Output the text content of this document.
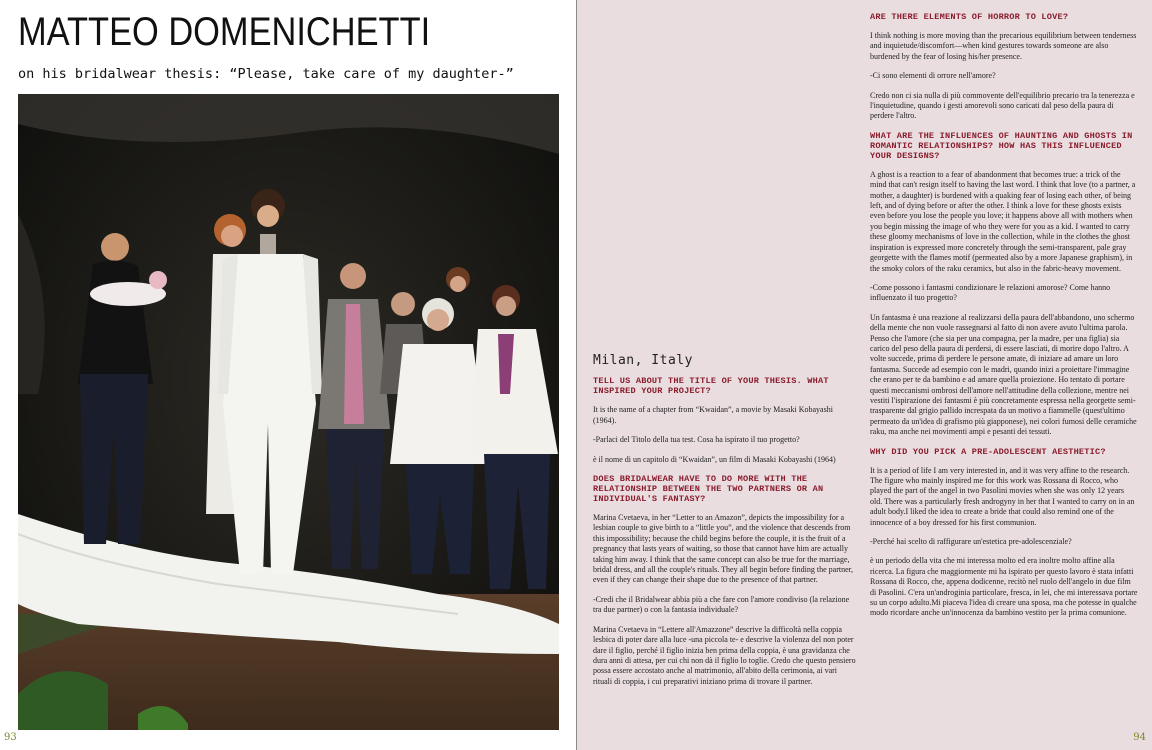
MATTEO DOMENICHETTI
on his bridalwear thesis: “Please, take care of my daughter-”
93	94
Milan, Italy
TELL US ABOUT THE TITLE OF YOUR THESIS. WHAT INSPIRED YOUR PROJECT?

It is the name of a chapter from “Kwaidan”, a movie by Masaki Kobayashi (1964).

-Parlaci del Titolo della tua test. Cosa ha ispirato il tuo progetto?

è il nome di un capitolo di “Kwaidan”, un film di Masaki Kobayashi (1964)

DOES BRIDALWEAR HAVE TO DO MORE WITH THE RELATIONSHIP BETWEEN THE TWO PARTNERS OR AN INDIVIDUAL'S FANTASY?

Marina Cvetaeva, in her “Letter to an Amazon”, depicts the impossibility for a lesbian couple to give birth to a “little you”, and the violence that descends from this impossibility; because the child begins before the couple, it is the fruit of a pregnancy that lasts years of waiting, so those that cannot have him are actually taking him away. I think that the same concept can also be true for the marriage, bridal dress, and all the couple's rituals. They all begin before finding the partner, even if they can change their shape due to the presence of that partner.

-Credi che il Bridalwear abbia più a che fare con l'amore condiviso (la relazione tra due partner) o con la fantasia individuale?

Marina Cvetaeva in “Lettere all'Amazzone” descrive la difficoltà nella coppia lesbica di poter dare alla luce -una piccola te- e descrive la violenza del non poter dare il figlio, perché il figlio inizia ben prima della coppia, è una gravidanza che dura anni di attesa, per cui chi non dà il figlio lo toglie. Credo che questo pensiero possa essere accostato anche al matrimonio, all'abito della cerimonia, ai vari rituali di coppia, i cui preparativi iniziano prima di trovare il partner.

ARE THERE ELEMENTS OF HORROR TO LOVE?

I think nothing is more moving than the precarious equilibrium between tenderness and inquietude/discomfort—when kind gestures towards someone are also burdened by the fear of losing his/her presence.

-Ci sono elementi di orrore nell'amore?

Credo non ci sia nulla di più commovente dell'equilibrio precario tra la tenerezza e l'inquietudine, quando i gesti amorevoli sono caricati dal peso della paura di perdere l'altro.

WHAT ARE THE INFLUENCES OF HAUNTING AND GHOSTS IN ROMANTIC RELATIONSHIPS? HOW HAS THIS INFLUENCED YOUR DESIGNS?

A ghost is a reaction to a fear of abandonment that becomes true: a trick of the mind that can't resign itself to having the last word. I think that love (to a partner, a mother, a daughter) is burdened with a quaking fear of losing each other, of being left, and of dying before or after the other. I think a love for these ghosts exists even before you lose the people you love; it happens above all with mothers when you begin missing the image of who they were for you as a kid. I wanted to carry these gloomy mechanisms of love in the collection, while in the clothes the ghost inspiration is expressed more concretely through the semi-transparent, pale gray georgette with the flames motif (permeated also by a more Japanese graphism), in the smoky colors of the raku ceramics, but also in the fabric-heavy movement.

-Come possono i fantasmi condizionare le relazioni amorose? Come hanno influenzato il tuo progetto?

Un fantasma è una reazione al realizzarsi della paura dell'abbandono, uno schermo della mente che non vuole rassegnarsi al fatto di non avere avuto l'ultima parola. Penso che l'amore (che sia per una compagna, per la madre, per una figlia) sia carico del peso della paura di perdersi, di essere lasciati, di morire dopo l'altro. A volte succede, prima di perdere le persone amate, di iniziare ad amare un loro fantasma. Succede ad esempio con le madri, quando inizi a proiettare l'immagine che erano per te da bambino e ad amare quella proiezione. Ho tentato di portare questi meccanismi ombrosi dell'amore nell'attitudine della collezione, mentre nei vestiti l'ispirazione dei fantasmi è più concretamente espressa nella georgette semi-trasparente dal grigio pallido increspata da un motivo a fiammelle (quest'ultimo permeato da un'idea di grafismo più giapponese), nei colori fumosi delle ceramiche raku, ma anche nei movimenti ampi e pesanti dei tessuti.

WHY DID YOU PICK A PRE-ADOLESCENT AESTHETIC?

It is a period of life I am very interested in, and it was very affine to the research. The figure who mainly inspired me for this work was Rossana di Rocco, who played the part of the angel in two Pasolini movies when she was only 12 years old. There was a particularly fresh androgyny in her that I wanted to carry on in an adult body.I liked the idea to create a bride that could also remind one of the innocence of a boy dressed for his first communion.

-Perché hai scelto di raffigurare un'estetica pre-adolescenziale?

è un periodo della vita che mi interessa molto ed era inoltre molto affine alla ricerca. La figura che maggiormente mi ha ispirato per questo lavoro è stata infatti Rossana di Rocco, che, appena dodicenne, recitò nel ruolo dell'angelo in due film di Pasolini. C'era un'androginia particolare, fresca, in lei, che mi interessava portare su un corpo adulto.Mi piaceva l'idea di creare una sposa, ma che potesse in qualche modo ricordare anche un'innocenza da bambino vestito per la prima comunione.
